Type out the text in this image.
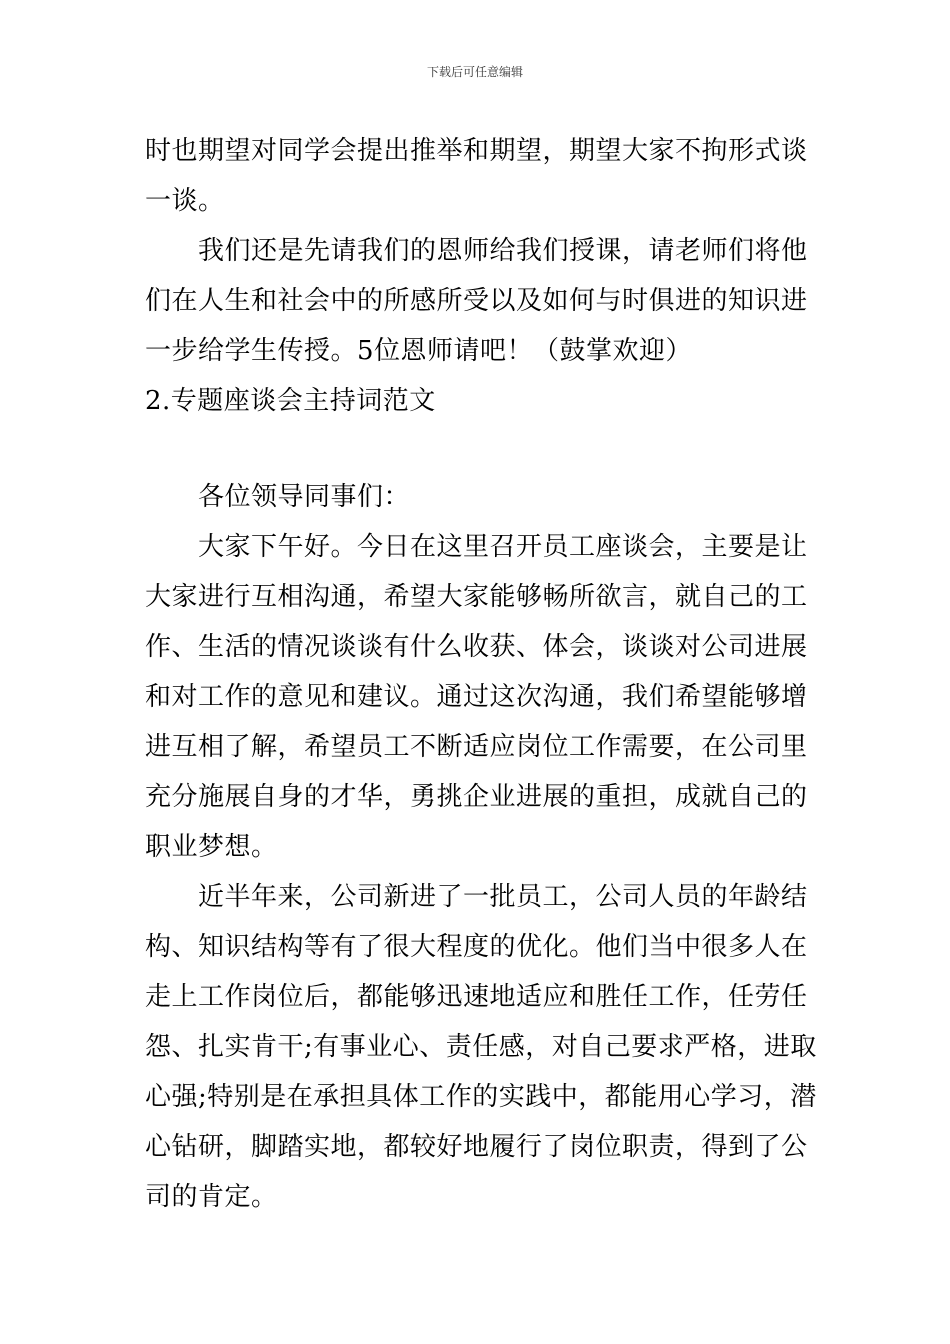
下载后可任意编辑
时也期望对同学会提出推举和期望，期望大家不拘形式谈
一谈。
我们还是先请我们的恩师给我们授课，请老师们将他
们在人生和社会中的所感所受以及如何与时俱进的知识进
一步给学生传授。5位恩师请吧！（鼓掌欢迎）
2.专题座谈会主持词范文
各位领导同事们：
大家下午好。今日在这里召开员工座谈会，主要是让
大家进行互相沟通，希望大家能够畅所欲言，就自己的工
作、生活的情况谈谈有什么收获、体会，谈谈对公司进展
和对工作的意见和建议。通过这次沟通，我们希望能够增
进互相了解，希望员工不断适应岗位工作需要，在公司里
充分施展自身的才华，勇挑企业进展的重担，成就自己的
职业梦想。
近半年来，公司新进了一批员工，公司人员的年龄结
构、知识结构等有了很大程度的优化。他们当中很多人在
走上工作岗位后，都能够迅速地适应和胜任工作，任劳任
怨、扎实肯干;有事业心、责任感，对自己要求严格，进取
心强;特别是在承担具体工作的实践中，都能用心学习，潜
心钻研，脚踏实地，都较好地履行了岗位职责，得到了公
司的肯定。
